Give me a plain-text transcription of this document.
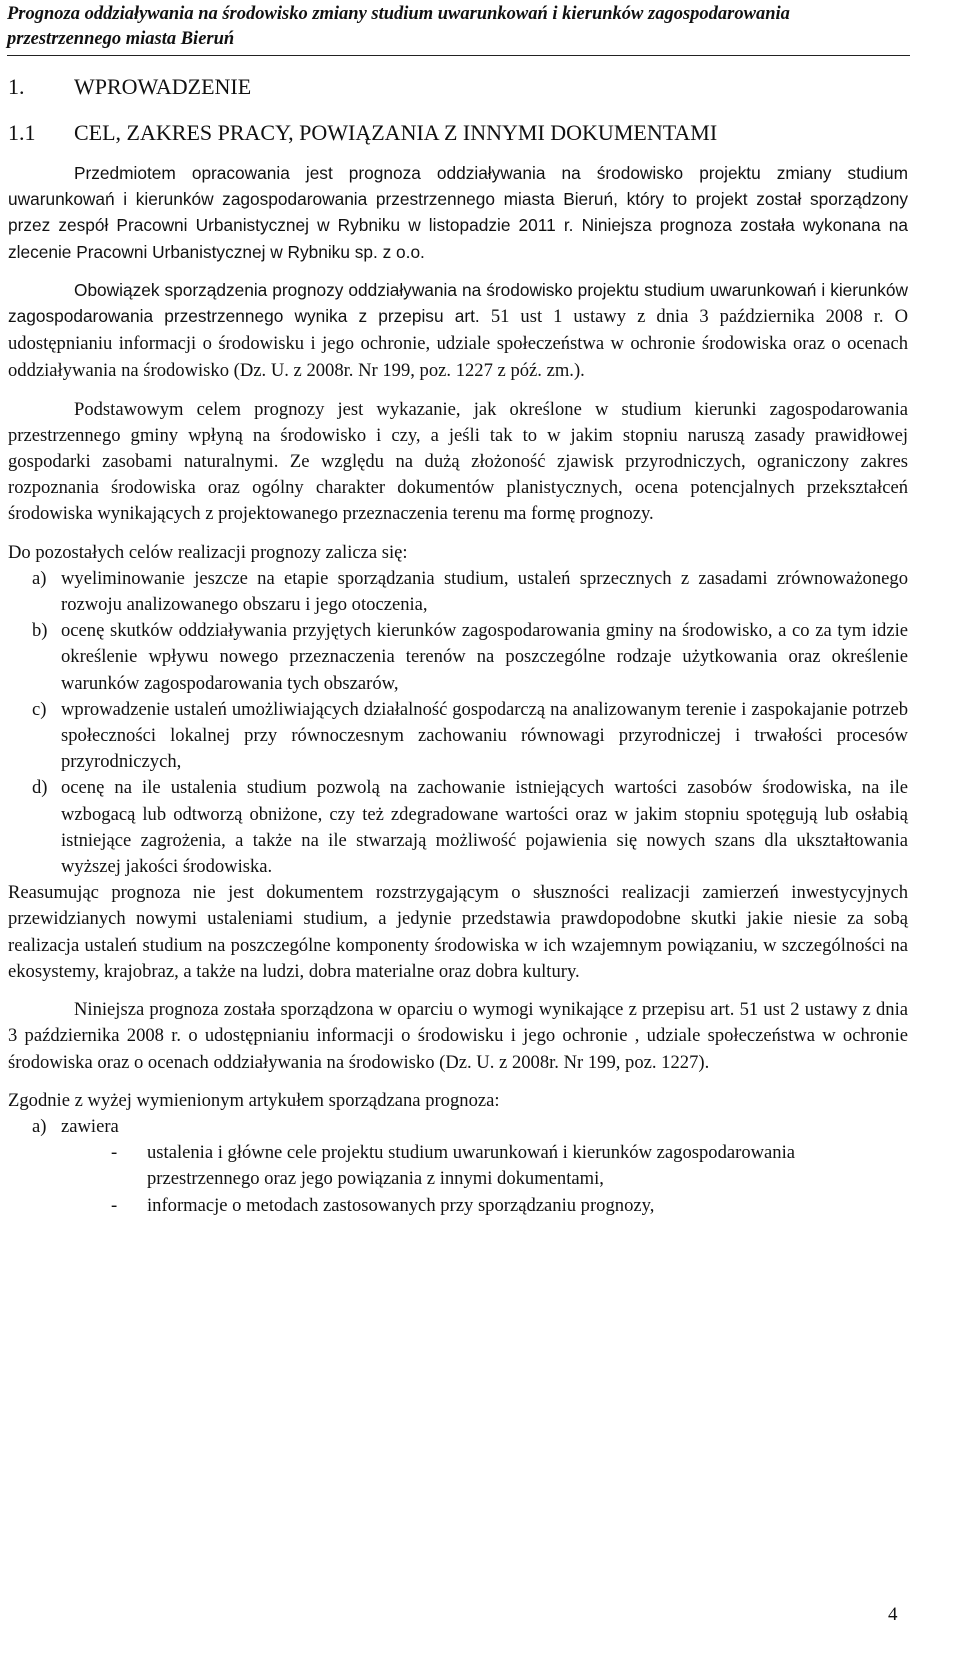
Prognoza oddziaływania na środowisko zmiany studium uwarunkowań i kierunków zagospodarowania
przestrzennego miasta Bieruń
1. WPROWADZENIE
1.1 CEL, ZAKRES PRACY, POWIĄZANIA Z INNYMI DOKUMENTAMI

Przedmiotem opracowania jest prognoza oddziaływania na środowisko projektu zmiany studium uwarunkowań i kierunków zagospodarowania przestrzennego miasta Bieruń, który to projekt został sporządzony przez zespół Pracowni Urbanistycznej w Rybniku w listopadzie 2011 r. Niniejsza prognoza została wykonana na zlecenie Pracowni Urbanistycznej w Rybniku sp. z o.o.

Obowiązek sporządzenia prognozy oddziaływania na środowisko projektu studium uwarunkowań i kierunków zagospodarowania przestrzennego wynika z przepisu art. 51 ust 1 ustawy z dnia 3 października 2008 r. O udostępnianiu informacji o środowisku i jego ochronie, udziale społeczeństwa w ochronie środowiska oraz o ocenach oddziaływania na środowisko (Dz. U. z 2008r. Nr 199, poz. 1227 z póź. zm.).

Podstawowym celem prognozy jest wykazanie, jak określone w studium kierunki zagospodarowania przestrzennego gminy wpłyną na środowisko i czy, a jeśli tak to w jakim stopniu naruszą zasady prawidłowej gospodarki zasobami naturalnymi. Ze względu na dużą złożoność zjawisk przyrodniczych, ograniczony zakres rozpoznania środowiska oraz ogólny charakter dokumentów planistycznych, ocena potencjalnych przekształceń środowiska wynikających z projektowanego przeznaczenia terenu ma formę prognozy.

Do pozostałych celów realizacji prognozy zalicza się:

a) wyeliminowanie jeszcze na etapie sporządzania studium, ustaleń sprzecznych z zasadami zrównoważonego rozwoju analizowanego obszaru i jego otoczenia,
b) ocenę skutków oddziaływania przyjętych kierunków zagospodarowania gminy na środowisko, a co za tym idzie określenie wpływu nowego przeznaczenia terenów na poszczególne rodzaje użytkowania oraz określenie warunków zagospodarowania tych obszarów,
c) wprowadzenie ustaleń umożliwiających działalność gospodarczą na analizowanym terenie i zaspokajanie potrzeb społeczności lokalnej przy równoczesnym zachowaniu równowagi przyrodniczej i trwałości procesów przyrodniczych,
d) ocenę na ile ustalenia studium pozwolą na zachowanie istniejących wartości zasobów środowiska, na ile wzbogacą lub odtworzą obniżone, czy też zdegradowane wartości oraz w jakim stopniu spotęgują lub osłabią istniejące zagrożenia, a także na ile stwarzają możliwość pojawienia się nowych szans dla ukształtowania wyższej jakości środowiska.

Reasumując prognoza nie jest dokumentem rozstrzygającym o słuszności realizacji zamierzeń inwestycyjnych przewidzianych nowymi ustaleniami studium, a jedynie przedstawia prawdopodobne skutki jakie niesie za sobą realizacja ustaleń studium na poszczególne komponenty środowiska w ich wzajemnym powiązaniu, w szczególności na ekosystemy, krajobraz, a także na ludzi, dobra materialne oraz dobra kultury.

Niniejsza prognoza została sporządzona w oparciu o wymogi wynikające z przepisu art. 51 ust 2 ustawy z dnia 3 października 2008 r. o udostępnianiu informacji o środowisku i jego ochronie , udziale społeczeństwa w ochronie środowiska oraz o ocenach oddziaływania na środowisko (Dz. U. z 2008r. Nr 199, poz. 1227).

Zgodnie z wyżej wymienionym artykułem sporządzana prognoza:

a) zawiera
- ustalenia i główne cele projektu studium uwarunkowań i kierunków zagospodarowania przestrzennego oraz jego powiązania z innymi dokumentami,
- informacje o metodach zastosowanych przy sporządzaniu prognozy,
4
